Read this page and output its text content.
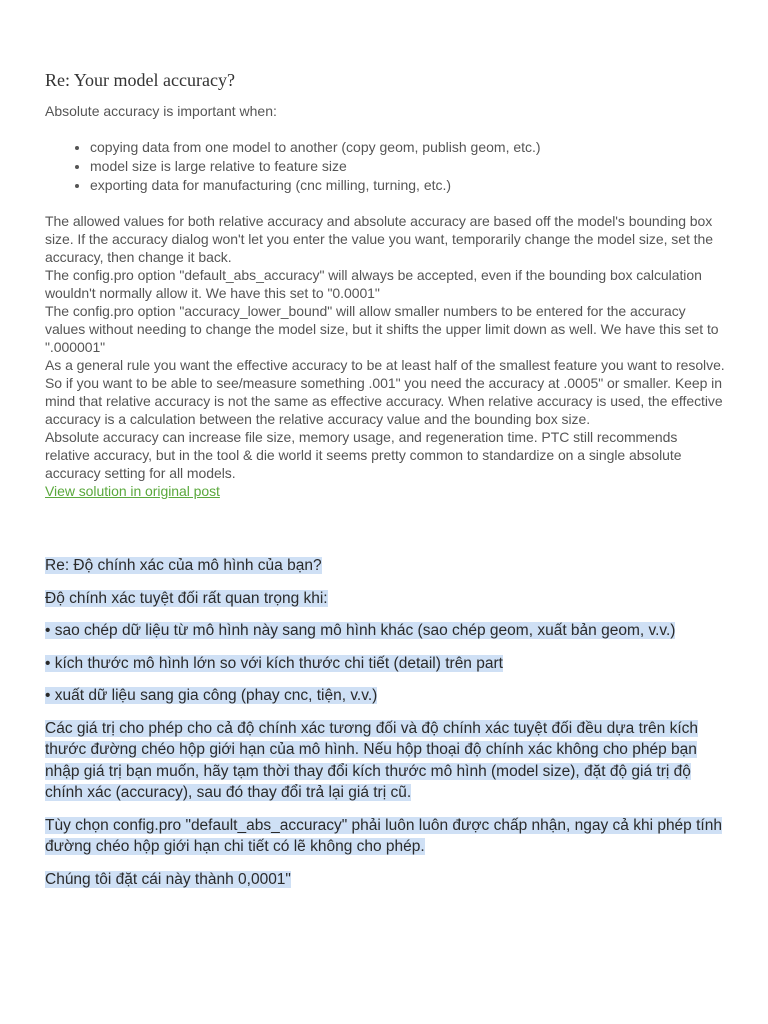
Re: Your model accuracy?

Absolute accuracy is important when:

• copying data from one model to another (copy geom, publish geom, etc.)
• model size is large relative to feature size
• exporting data for manufacturing (cnc milling, turning, etc.)

The allowed values for both relative accuracy and absolute accuracy are based off the model's bounding box size. If the accuracy dialog won't let you enter the value you want, temporarily change the model size, set the accuracy, then change it back.

The config.pro option "default_abs_accuracy" will always be accepted, even if the bounding box calculation wouldn't normally allow it. We have this set to "0.0001"

The config.pro option "accuracy_lower_bound" will allow smaller numbers to be entered for the accuracy values without needing to change the model size, but it shifts the upper limit down as well. We have this set to ".000001"

As a general rule you want the effective accuracy to be at least half of the smallest feature you want to resolve. So if you want to be able to see/measure something .001" you need the accuracy at .0005" or smaller. Keep in mind that relative accuracy is not the same as effective accuracy. When relative accuracy is used, the effective accuracy is a calculation between the relative accuracy value and the bounding box size.

Absolute accuracy can increase file size, memory usage, and regeneration time. PTC still recommends relative accuracy, but in the tool & die world it seems pretty common to standardize on a single absolute accuracy setting for all models.

View solution in original post

Re: Độ chính xác của mô hình của bạn?

Độ chính xác tuyệt đối rất quan trọng khi:

• sao chép dữ liệu từ mô hình này sang mô hình khác (sao chép geom, xuất bản geom, v.v.)

• kích thước mô hình lớn so với kích thước chi tiết (detail) trên part

• xuất dữ liệu sang gia công (phay cnc, tiện, v.v.)

Các giá trị cho phép cho cả độ chính xác tương đối và độ chính xác tuyệt đối đều dựa trên kích thước đường chéo hộp giới hạn của mô hình. Nếu hộp thoại độ chính xác không cho phép bạn nhập giá trị bạn muốn, hãy tạm thời thay đổi kích thước mô hình (model size), đặt độ giá trị độ chính xác (accuracy), sau đó thay đổi trả lại giá trị cũ.

Tùy chọn config.pro "default_abs_accuracy" phải luôn luôn được chấp nhận, ngay cả khi phép tính đường chéo hộp giới hạn chi tiết có lẽ không cho phép.

Chúng tôi đặt cái này thành 0,0001"
